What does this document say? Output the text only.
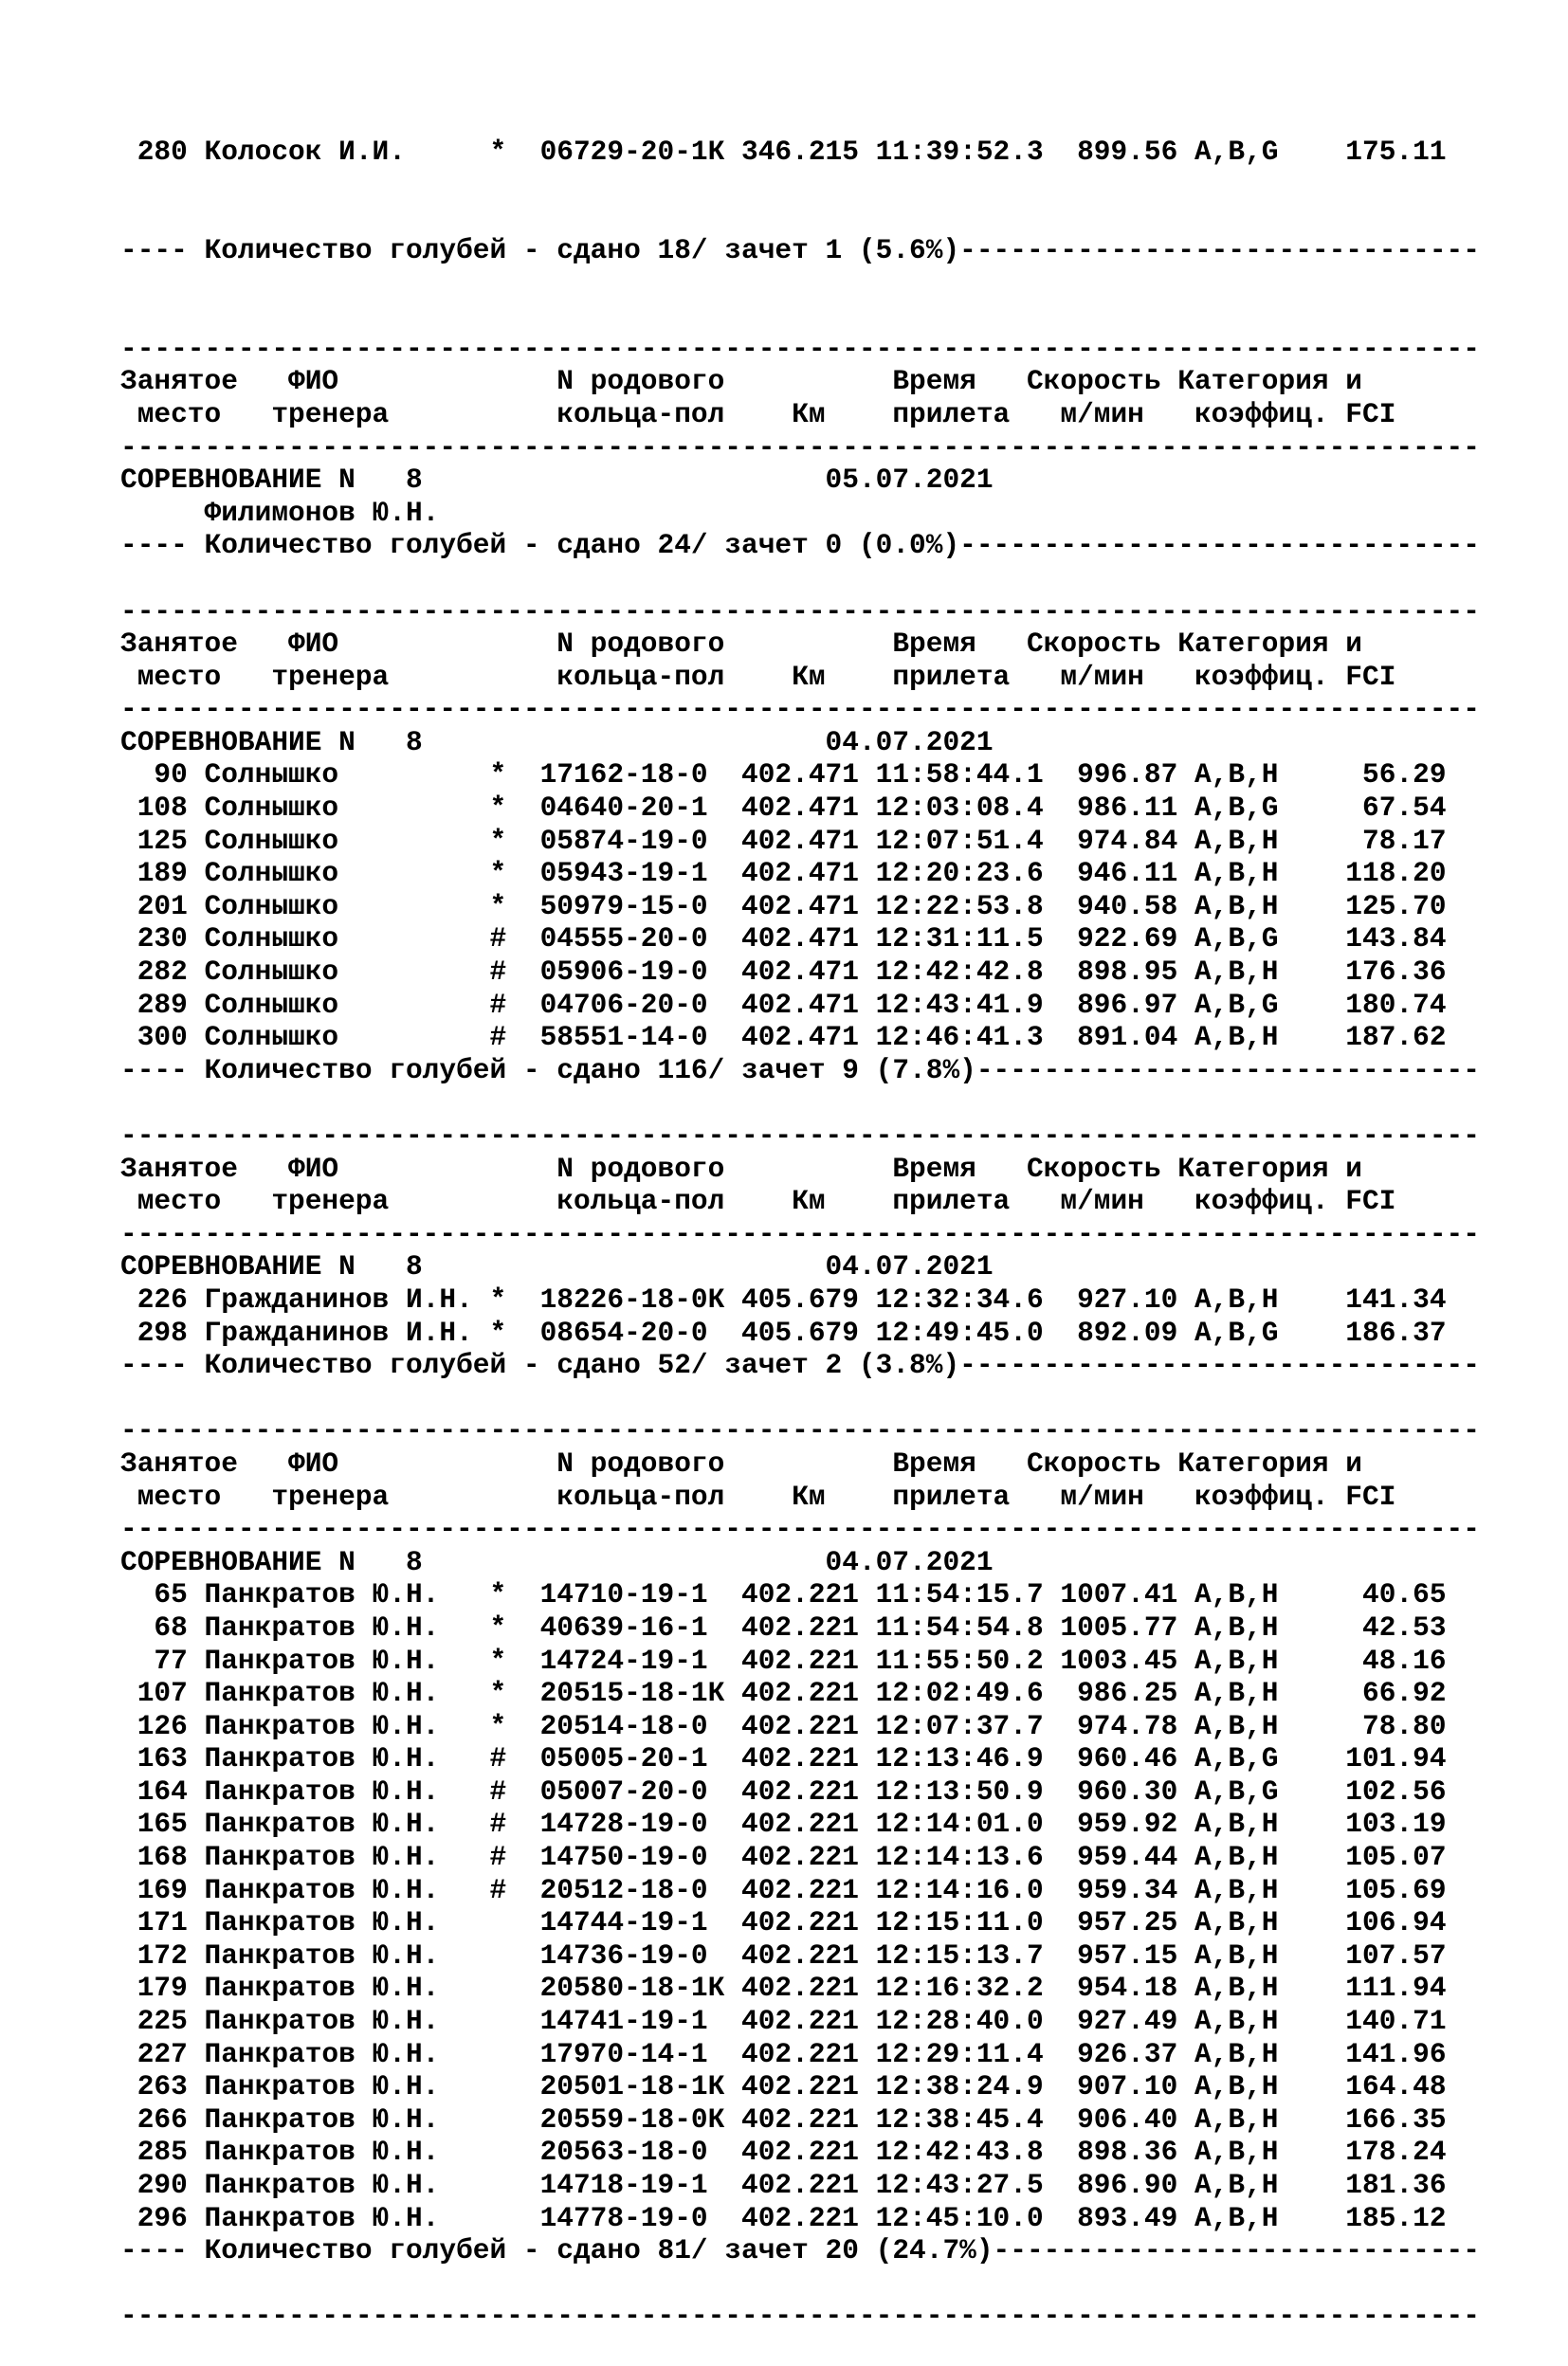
280 Колосок И.И.     *  06729-20-1К 346.215 11:39:52.3  899.56 A,B,G    175.11

---- Количество голубей - сдано 18/ зачет 1 (5.6%)-------------------------------

---------------------------------------------------------------------------------
Занятое   ФИО             N родового          Время   Скорость Категория и
место   тренера          кольца-пол    Км    прилета   м/мин   коэффиц. FCI
---------------------------------------------------------------------------------
СОРЕВНОВАНИЕ N   8                        05.07.2021
Филимонов Ю.Н.
---- Количество голубей - сдано 24/ зачет 0 (0.0%)-------------------------------
---------------------------------------------------------------------------------
Занятое   ФИО             N родового          Время   Скорость Категория и
место   тренера          кольца-пол    Км    прилета   м/мин   коэффиц. FCI
---------------------------------------------------------------------------------
СОРЕВНОВАНИЕ N   8                        04.07.2021
90 Солнышко         *  17162-18-0  402.471 11:58:44.1  996.87 A,B,H     56.29
108 Солнышко         *  04640-20-1  402.471 12:03:08.4  986.11 A,B,G     67.54
125 Солнышко         *  05874-19-0  402.471 12:07:51.4  974.84 A,B,H     78.17
189 Солнышко         *  05943-19-1  402.471 12:20:23.6  946.11 A,B,H    118.20
201 Солнышко         *  50979-15-0  402.471 12:22:53.8  940.58 A,B,H    125.70
230 Солнышко         #  04555-20-0  402.471 12:31:11.5  922.69 A,B,G    143.84
282 Солнышко         #  05906-19-0  402.471 12:42:42.8  898.95 A,B,H    176.36
289 Солнышко         #  04706-20-0  402.471 12:43:41.9  896.97 A,B,G    180.74
300 Солнышко         #  58551-14-0  402.471 12:46:41.3  891.04 A,B,H    187.62
---- Количество голубей - сдано 116/ зачет 9 (7.8%)------------------------------
---------------------------------------------------------------------------------
Занятое   ФИО             N родового          Время   Скорость Категория и
место   тренера          кольца-пол    Км    прилета   м/мин   коэффиц. FCI
---------------------------------------------------------------------------------
СОРЕВНОВАНИЕ N   8                        04.07.2021
226 Гражданинов И.Н. *  18226-18-0К 405.679 12:32:34.6  927.10 A,B,H    141.34
298 Гражданинов И.Н. *  08654-20-0  405.679 12:49:45.0  892.09 A,B,G    186.37
---- Количество голубей - сдано 52/ зачет 2 (3.8%)-------------------------------
---------------------------------------------------------------------------------
Занятое   ФИО             N родового          Время   Скорость Категория и
место   тренера          кольца-пол    Км    прилета   м/мин   коэффиц. FCI
---------------------------------------------------------------------------------
СОРЕВНОВАНИЕ N   8                        04.07.2021
65 Панкратов Ю.Н.   *  14710-19-1  402.221 11:54:15.7 1007.41 A,B,H     40.65
68 Панкратов Ю.Н.   *  40639-16-1  402.221 11:54:54.8 1005.77 A,B,H     42.53
77 Панкратов Ю.Н.   *  14724-19-1  402.221 11:55:50.2 1003.45 A,B,H     48.16
107 Панкратов Ю.Н.   *  20515-18-1К 402.221 12:02:49.6  986.25 A,B,H     66.92
126 Панкратов Ю.Н.   *  20514-18-0  402.221 12:07:37.7  974.78 A,B,H     78.80
163 Панкратов Ю.Н.   #  05005-20-1  402.221 12:13:46.9  960.46 A,B,G    101.94
164 Панкратов Ю.Н.   #  05007-20-0  402.221 12:13:50.9  960.30 A,B,G    102.56
165 Панкратов Ю.Н.   #  14728-19-0  402.221 12:14:01.0  959.92 A,B,H    103.19
168 Панкратов Ю.Н.   #  14750-19-0  402.221 12:14:13.6  959.44 A,B,H    105.07
169 Панкратов Ю.Н.   #  20512-18-0  402.221 12:14:16.0  959.34 A,B,H    105.69
171 Панкратов Ю.Н.      14744-19-1  402.221 12:15:11.0  957.25 A,B,H    106.94
172 Панкратов Ю.Н.      14736-19-0  402.221 12:15:13.7  957.15 A,B,H    107.57
179 Панкратов Ю.Н.      20580-18-1К 402.221 12:16:32.2  954.18 A,B,H    111.94
225 Панкратов Ю.Н.      14741-19-1  402.221 12:28:40.0  927.49 A,B,H    140.71
227 Панкратов Ю.Н.      17970-14-1  402.221 12:29:11.4  926.37 A,B,H    141.96
263 Панкратов Ю.Н.      20501-18-1К 402.221 12:38:24.9  907.10 A,B,H    164.48
266 Панкратов Ю.Н.      20559-18-0К 402.221 12:38:45.4  906.40 A,B,H    166.35
285 Панкратов Ю.Н.      20563-18-0  402.221 12:42:43.8  898.36 A,B,H    178.24
290 Панкратов Ю.Н.      14718-19-1  402.221 12:43:27.5  896.90 A,B,H    181.36
296 Панкратов Ю.Н.      14778-19-0  402.221 12:45:10.0  893.49 A,B,H    185.12
---- Количество голубей - сдано 81/ зачет 20 (24.7%)-----------------------------
---------------------------------------------------------------------------------
